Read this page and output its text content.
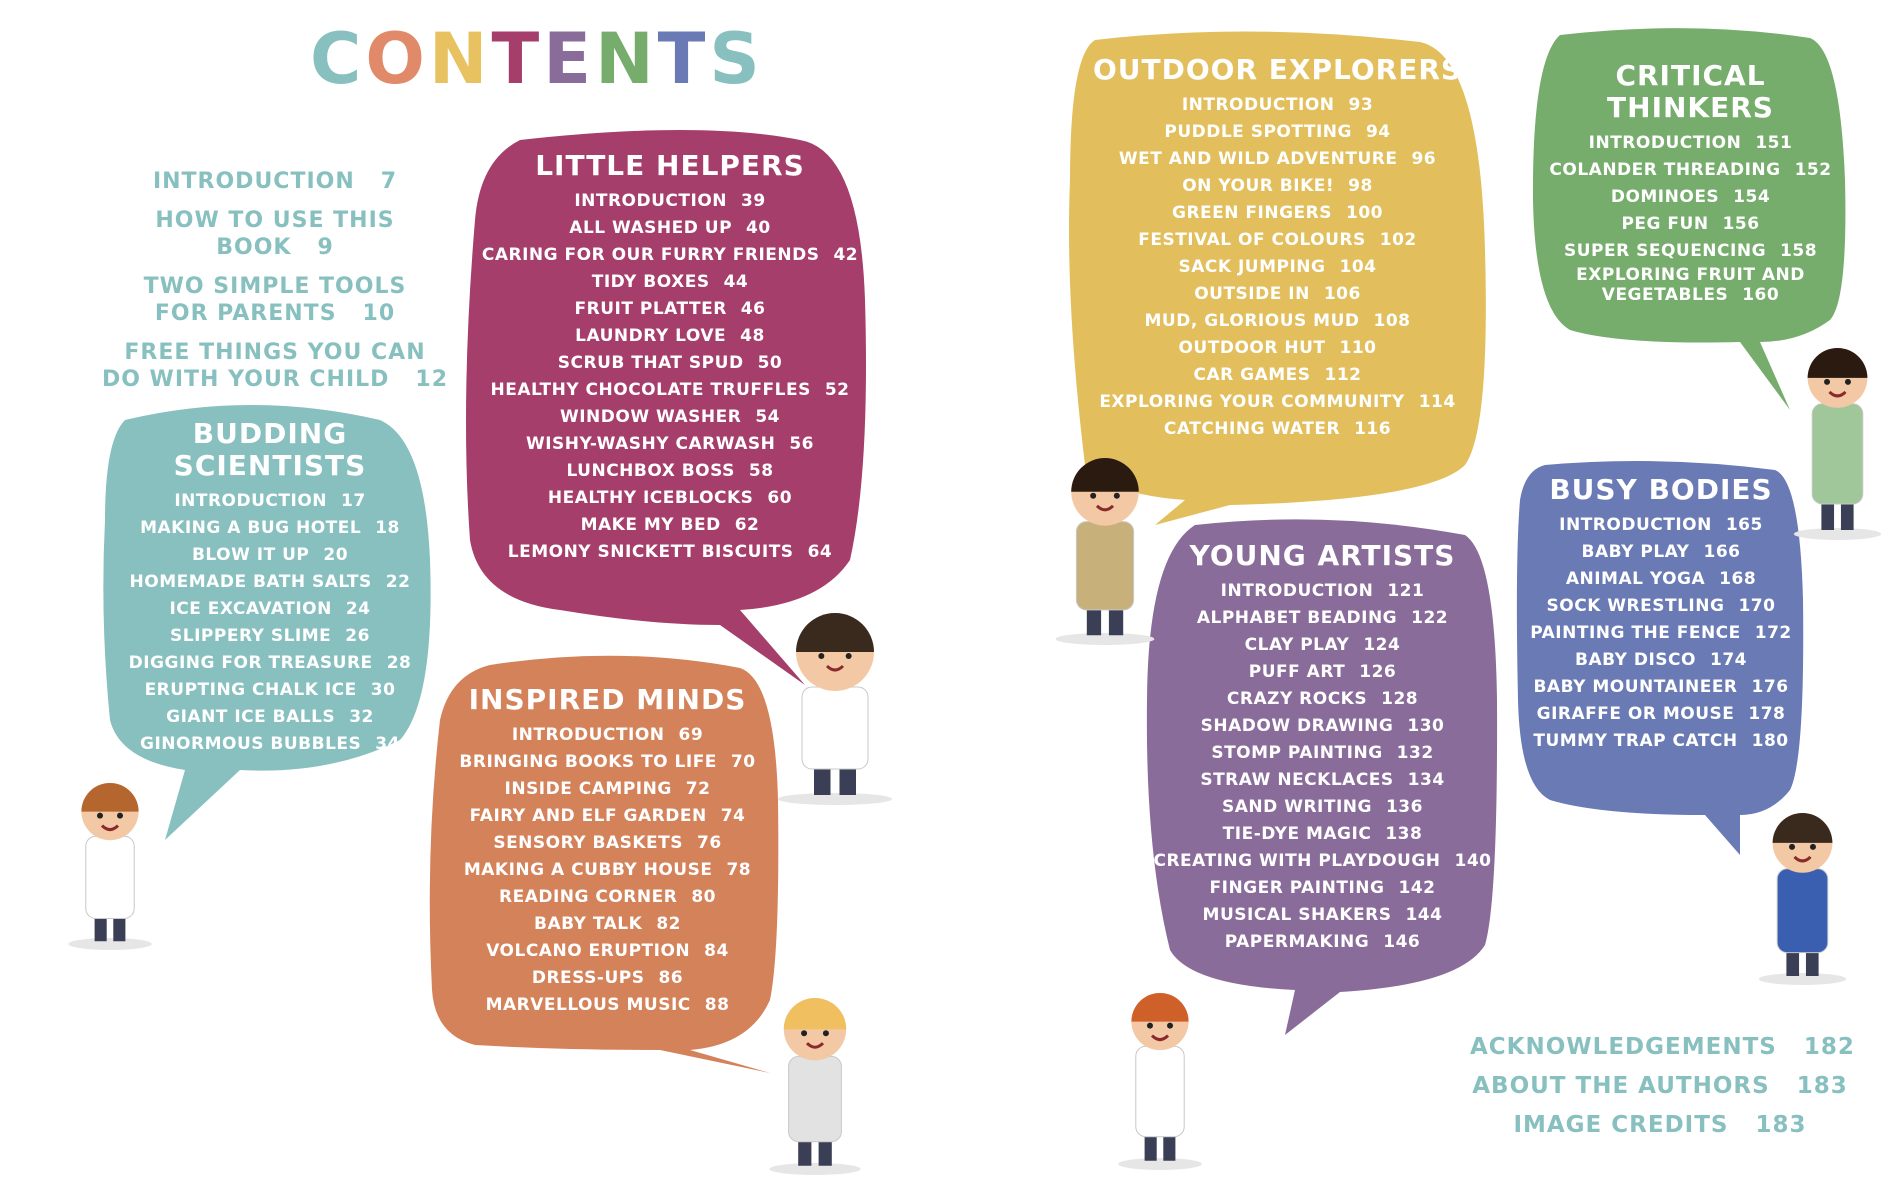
CONTENTS
INTRODUCTION 7
HOW TO USE THIS BOOK 9
TWO SIMPLE TOOLS
FOR PARENTS 10
FREE THINGS YOU CAN
DO WITH YOUR CHILD 12
ACKNOWLEDGEMENTS 182
ABOUT THE AUTHORS 183
IMAGE CREDITS 183
BUDDING
SCIENTISTS
INTRODUCTION 17
MAKING A BUG HOTEL 18
BLOW IT UP 20
HOMEMADE BATH SALTS 22
ICE EXCAVATION 24
SLIPPERY SLIME 26
DIGGING FOR TREASURE 28
ERUPTING CHALK ICE 30
GIANT ICE BALLS 32
GINORMOUS BUBBLES 34
LITTLE HELPERS
INTRODUCTION 39
ALL WASHED UP 40
CARING FOR OUR FURRY FRIENDS 42
TIDY BOXES 44
FRUIT PLATTER 46
LAUNDRY LOVE 48
SCRUB THAT SPUD 50
HEALTHY CHOCOLATE TRUFFLES 52
WINDOW WASHER 54
WISHY-WASHY CARWASH 56
LUNCHBOX BOSS 58
HEALTHY ICEBLOCKS 60
MAKE MY BED 62
LEMONY SNICKETT BISCUITS 64
INSPIRED MINDS
INTRODUCTION 69
BRINGING BOOKS TO LIFE 70
INSIDE CAMPING 72
FAIRY AND ELF GARDEN 74
SENSORY BASKETS 76
MAKING A CUBBY HOUSE 78
READING CORNER 80
BABY TALK 82
VOLCANO ERUPTION 84
DRESS-UPS 86
MARVELLOUS MUSIC 88
OUTDOOR EXPLORERS
INTRODUCTION 93
PUDDLE SPOTTING 94
WET AND WILD ADVENTURE 96
ON YOUR BIKE! 98
GREEN FINGERS 100
FESTIVAL OF COLOURS 102
SACK JUMPING 104
OUTSIDE IN 106
MUD, GLORIOUS MUD 108
OUTDOOR HUT 110
CAR GAMES 112
EXPLORING YOUR COMMUNITY 114
CATCHING WATER 116
CRITICAL
THINKERS
INTRODUCTION 151
COLANDER THREADING 152
DOMINOES 154
PEG FUN 156
SUPER SEQUENCING 158
EXPLORING FRUIT AND
VEGETABLES 160
YOUNG ARTISTS
INTRODUCTION 121
ALPHABET BEADING 122
CLAY PLAY 124
PUFF ART 126
CRAZY ROCKS 128
SHADOW DRAWING 130
STOMP PAINTING 132
STRAW NECKLACES 134
SAND WRITING 136
TIE-DYE MAGIC 138
CREATING WITH PLAYDOUGH 140
FINGER PAINTING 142
MUSICAL SHAKERS 144
PAPERMAKING 146
BUSY BODIES
INTRODUCTION 165
BABY PLAY 166
ANIMAL YOGA 168
SOCK WRESTLING 170
PAINTING THE FENCE 172
BABY DISCO 174
BABY MOUNTAINEER 176
GIRAFFE OR MOUSE 178
TUMMY TRAP CATCH 180
